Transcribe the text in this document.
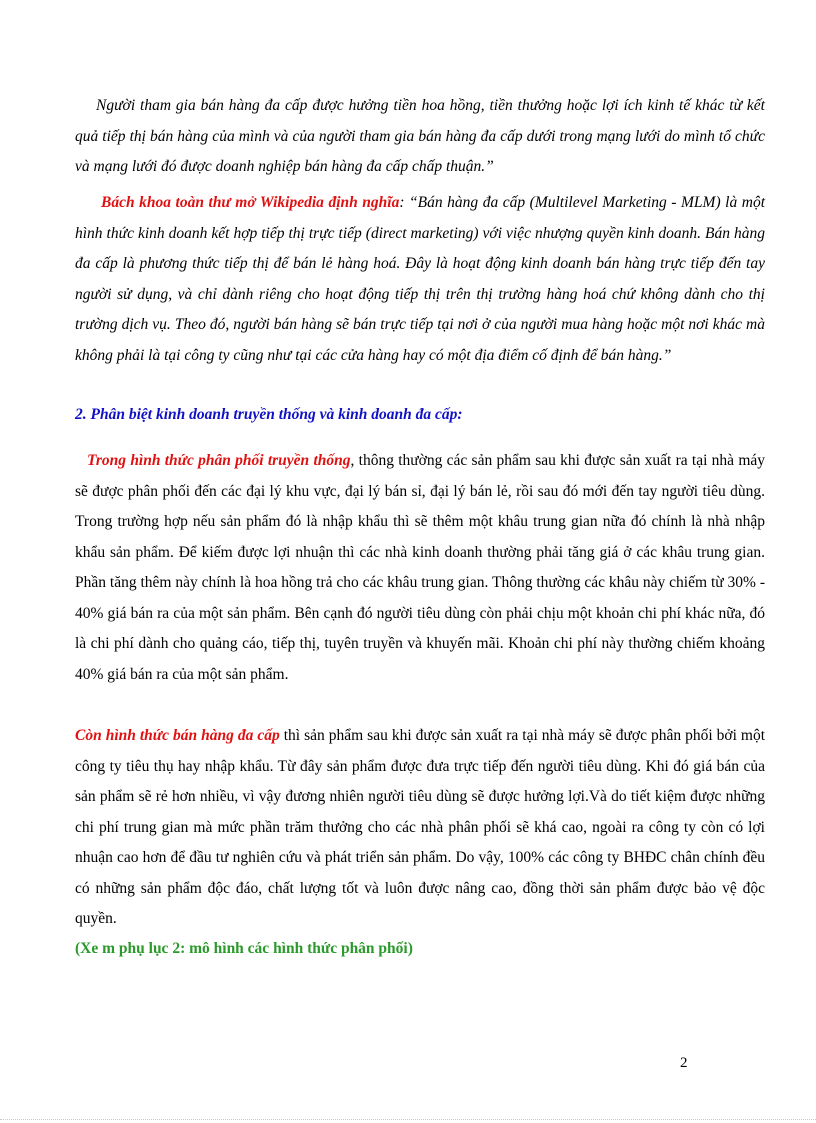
Người tham gia bán hàng đa cấp được hưởng tiền hoa hồng, tiền thưởng hoặc lợi ích kinh tế khác từ kết quả tiếp thị bán hàng của mình và của người tham gia bán hàng đa cấp dưới trong mạng lưới do mình tổ chức và mạng lưới đó được doanh nghiệp bán hàng đa cấp chấp thuận.”

Bách khoa toàn thư mở Wikipedia định nghĩa: “Bán hàng đa cấp (Multilevel Marketing - MLM) là một hình thức kinh doanh kết hợp tiếp thị trực tiếp (direct marketing) với việc nhượng quyền kinh doanh. Bán hàng đa cấp là phương thức tiếp thị để bán lẻ hàng hoá. Đây là hoạt động kinh doanh bán hàng trực tiếp đến tay người sử dụng, và chỉ dành riêng cho hoạt động tiếp thị trên thị trường hàng hoá chứ không dành cho thị trường dịch vụ. Theo đó, người bán hàng sẽ bán trực tiếp tại nơi ở của người mua hàng hoặc một nơi khác mà không phải là tại công ty cũng như tại các cửa hàng hay có một địa điểm cố định để bán hàng.”

2. Phân biệt kinh doanh truyền thống và kinh doanh đa cấp:

Trong hình thức phân phối truyền thống, thông thường các sản phẩm sau khi được sản xuất ra tại nhà máy sẽ được phân phối đến các đại lý khu vực, đại lý bán sỉ, đại lý bán lẻ, rồi sau đó mới đến tay người tiêu dùng. Trong trường hợp nếu sản phẩm đó là nhập khẩu thì sẽ thêm một khâu trung gian nữa đó chính là nhà nhập khẩu sản phẩm. Để kiếm được lợi nhuận thì các nhà kinh doanh thường phải tăng giá ở các khâu trung gian. Phần tăng thêm này chính là hoa hồng trả cho các khâu trung gian. Thông thường các khâu này chiếm từ 30% - 40% giá bán ra của một sản phẩm. Bên cạnh đó người tiêu dùng còn phải chịu một khoản chi phí khác nữa, đó là chi phí dành cho quảng cáo, tiếp thị, tuyên truyền và khuyến mãi. Khoản chi phí này thường chiếm khoảng 40% giá bán ra của một sản phẩm.

Còn hình thức bán hàng đa cấp thì sản phẩm sau khi được sản xuất ra tại nhà máy sẽ được phân phối bởi một công ty tiêu thụ hay nhập khẩu. Từ đây sản phẩm được đưa trực tiếp đến người tiêu dùng. Khi đó giá bán của sản phẩm sẽ rẻ hơn nhiều, vì vậy đương nhiên người tiêu dùng sẽ được hưởng lợi.Và do tiết kiệm được những chi phí trung gian mà mức phần trăm thưởng cho các nhà phân phối sẽ khá cao, ngoài ra công ty còn có lợi nhuận cao hơn để đầu tư nghiên cứu và phát triển sản phẩm. Do vậy, 100% các công ty BHĐC chân chính đều có những sản phẩm độc đáo, chất lượng tốt và luôn được nâng cao, đồng thời sản phẩm được bảo vệ độc quyền.

(Xe m phụ lục 2: mô hình các hình thức phân phối)

2
